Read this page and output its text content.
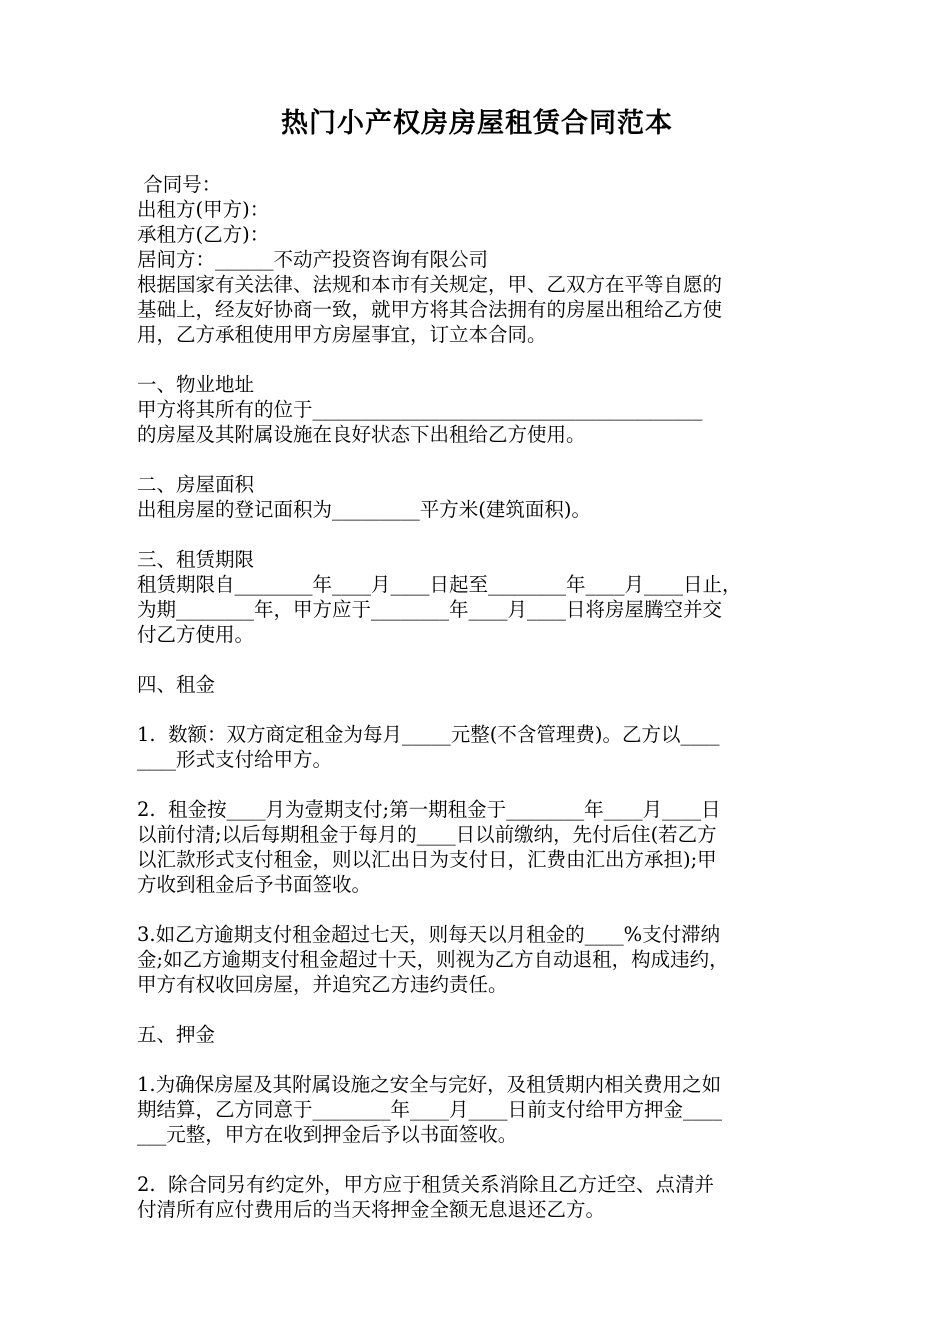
热门小产权房房屋租赁合同范本
合同号：
出租方(甲方)：
承租方(乙方)：
居间方：______不动产投资咨询有限公司
根据国家有关法律、法规和本市有关规定，甲、乙双方在平等自愿的
基础上，经友好协商一致，就甲方将其合法拥有的房屋出租给乙方使
用，乙方承租使用甲方房屋事宜，订立本合同。
一、物业地址
甲方将其所有的位于________________________________________
的房屋及其附属设施在良好状态下出租给乙方使用。
二、房屋面积
出租房屋的登记面积为_________平方米(建筑面积)。
三、租赁期限
租赁期限自________年____月____日起至________年____月____日止，
为期________年，甲方应于________年____月____日将房屋腾空并交
付乙方使用。
四、租金
1.  数额：双方商定租金为每月_____元整(不含管理费)。乙方以____
____形式支付给甲方。
2.  租金按____月为壹期支付;第一期租金于________年____月____日
以前付清;以后每期租金于每月的____日以前缴纳，先付后住(若乙方
以汇款形式支付租金，则以汇出日为支付日，汇费由汇出方承担);甲
方收到租金后予书面签收。
3.如乙方逾期支付租金超过七天，则每天以月租金的____%支付滞纳
金;如乙方逾期支付租金超过十天，则视为乙方自动退租，构成违约，
甲方有权收回房屋，并追究乙方违约责任。
五、押金
1.为确保房屋及其附属设施之安全与完好，及租赁期内相关费用之如
期结算，乙方同意于________年____月____日前支付给甲方押金____
___元整，甲方在收到押金后予以书面签收。
2.  除合同另有约定外，甲方应于租赁关系消除且乙方迁空、点清并
付清所有应付费用后的当天将押金全额无息退还乙方。
